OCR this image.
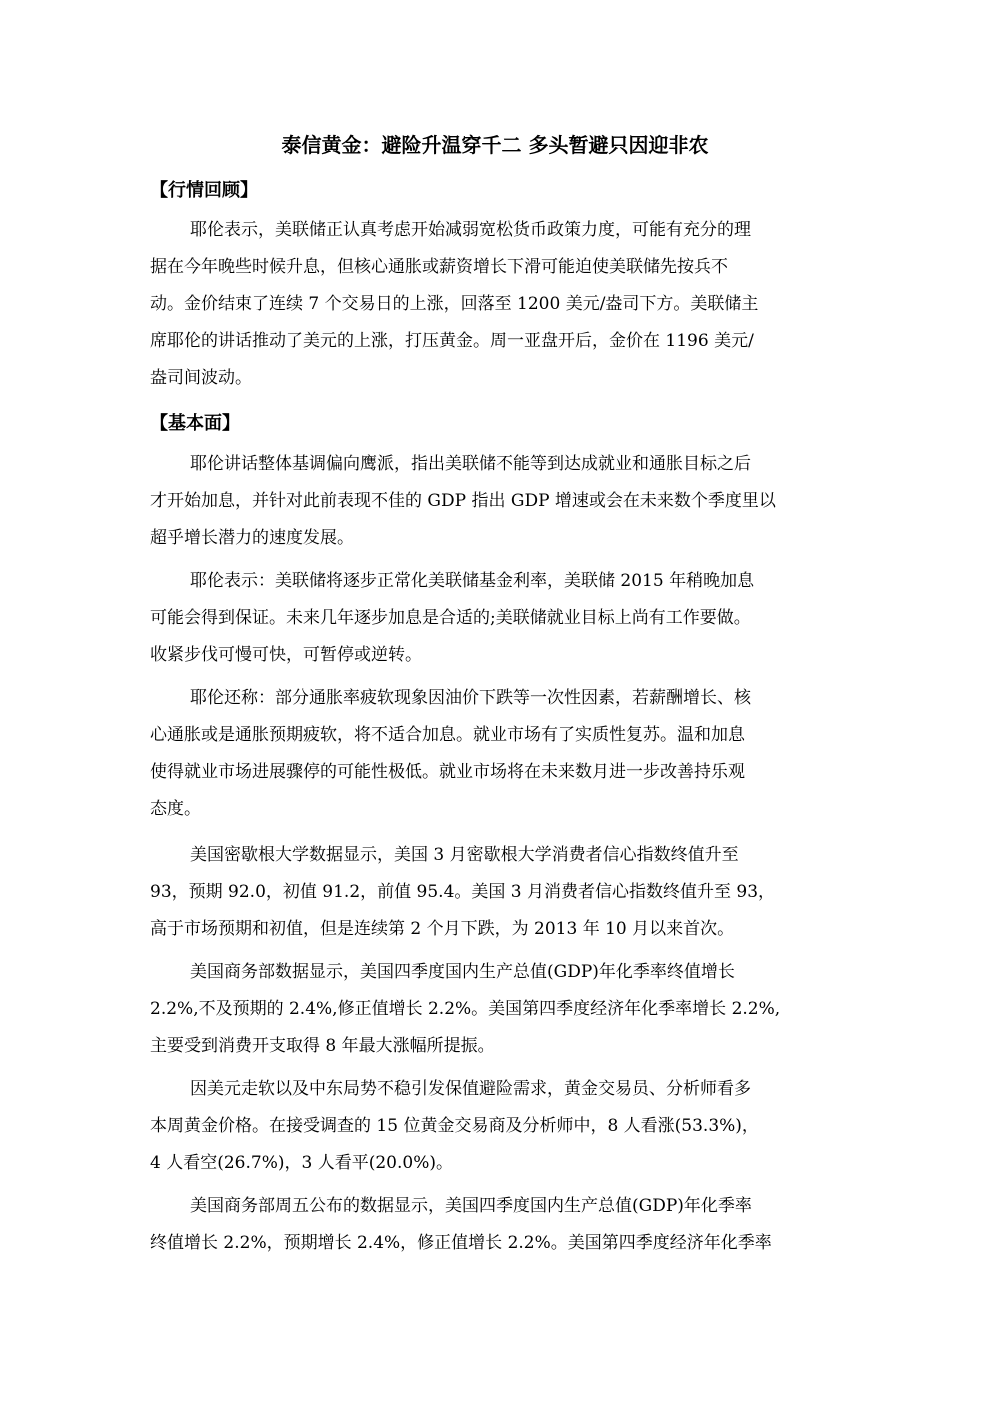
泰信黄金：避险升温穿千二 多头暂避只因迎非农
【行情回顾】
耶伦表示，美联储正认真考虑开始减弱宽松货币政策力度，可能有充分的理
据在今年晚些时候升息，但核心通胀或薪资增长下滑可能迫使美联储先按兵不
动。金价结束了连续 7 个交易日的上涨，回落至 1200 美元/盎司下方。美联储主
席耶伦的讲话推动了美元的上涨，打压黄金。周一亚盘开后，金价在 1196 美元/
盎司间波动。
【基本面】
耶伦讲话整体基调偏向鹰派，指出美联储不能等到达成就业和通胀目标之后
才开始加息，并针对此前表现不佳的 GDP 指出 GDP 增速或会在未来数个季度里以
超乎增长潜力的速度发展。
耶伦表示：美联储将逐步正常化美联储基金利率，美联储 2015 年稍晚加息
可能会得到保证。未来几年逐步加息是合适的;美联储就业目标上尚有工作要做。
收紧步伐可慢可快，可暂停或逆转。
耶伦还称：部分通胀率疲软现象因油价下跌等一次性因素，若薪酬增长、核
心通胀或是通胀预期疲软，将不适合加息。就业市场有了实质性复苏。温和加息
使得就业市场进展骤停的可能性极低。就业市场将在未来数月进一步改善持乐观
态度。
美国密歇根大学数据显示，美国 3 月密歇根大学消费者信心指数终值升至
93，预期 92.0，初值 91.2，前值 95.4。美国 3 月消费者信心指数终值升至 93，
高于市场预期和初值，但是连续第 2 个月下跌，为 2013 年 10 月以来首次。
美国商务部数据显示，美国四季度国内生产总值(GDP)年化季率终值增长
2.2%,不及预期的 2.4%,修正值增长 2.2%。美国第四季度经济年化季率增长 2.2%,
主要受到消费开支取得 8 年最大涨幅所提振。
因美元走软以及中东局势不稳引发保值避险需求，黄金交易员、分析师看多
本周黄金价格。在接受调查的 15 位黄金交易商及分析师中，8 人看涨(53.3%)，
4 人看空(26.7%)，3 人看平(20.0%)。
美国商务部周五公布的数据显示，美国四季度国内生产总值(GDP)年化季率
终值增长 2.2%，预期增长 2.4%，修正值增长 2.2%。美国第四季度经济年化季率
